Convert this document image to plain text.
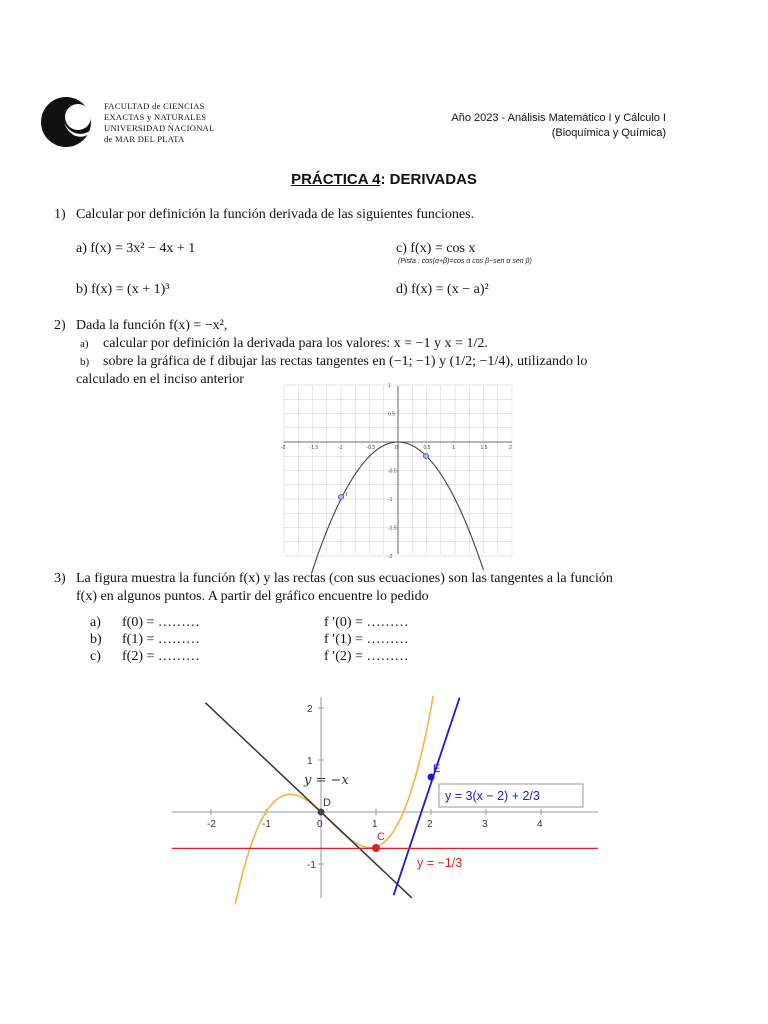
FACULTAD de CIENCIAS
EXACTAS y NATURALES
UNIVERSIDAD NACIONAL
de MAR DEL PLATA
Año 2023 - Análisis Matemático I y Cálculo I
(Bioquímica y Química)
PRÁCTICA 4: DERIVADAS
1) Calcular por definición la función derivada de las siguientes funciones.
a) f(x) = 3x² − 4x + 1	c) f(x) = cos x
(Pista : cos(α+β)=cos α cos β−sen α sen β)
b) f(x) = (x + 1)³	d) f(x) = (x − a)²
2) Dada la función f(x) = −x²,
a) calcular por definición la derivada para los valores: x = −1 y x = 1/2.
b) sobre la gráfica de f dibujar las rectas tangentes en (−1; −1) y (1/2; −1/4), utilizando lo
calculado en el inciso anterior
-2	-1.5	-1	-0.5	0	0.5	1	1.5	2
1
0.5
-0.5
-1
-1.5
-2
f
3) La figura muestra la función f(x) y las rectas (con sus ecuaciones) son las tangentes a la función
f(x) en algunos puntos. A partir del gráfico encuentre lo pedido
a) f(0) = ………	f ′(0) = ………
b) f(1) = ………	f ′(1) = ………
c) f(2) = ………	f ′(2) = ………
-2	-1	0	1	2	3	4
2
1
-1
D
C
E
y = −x
y = 3(x − 2) + 2/3
y = −1/3
